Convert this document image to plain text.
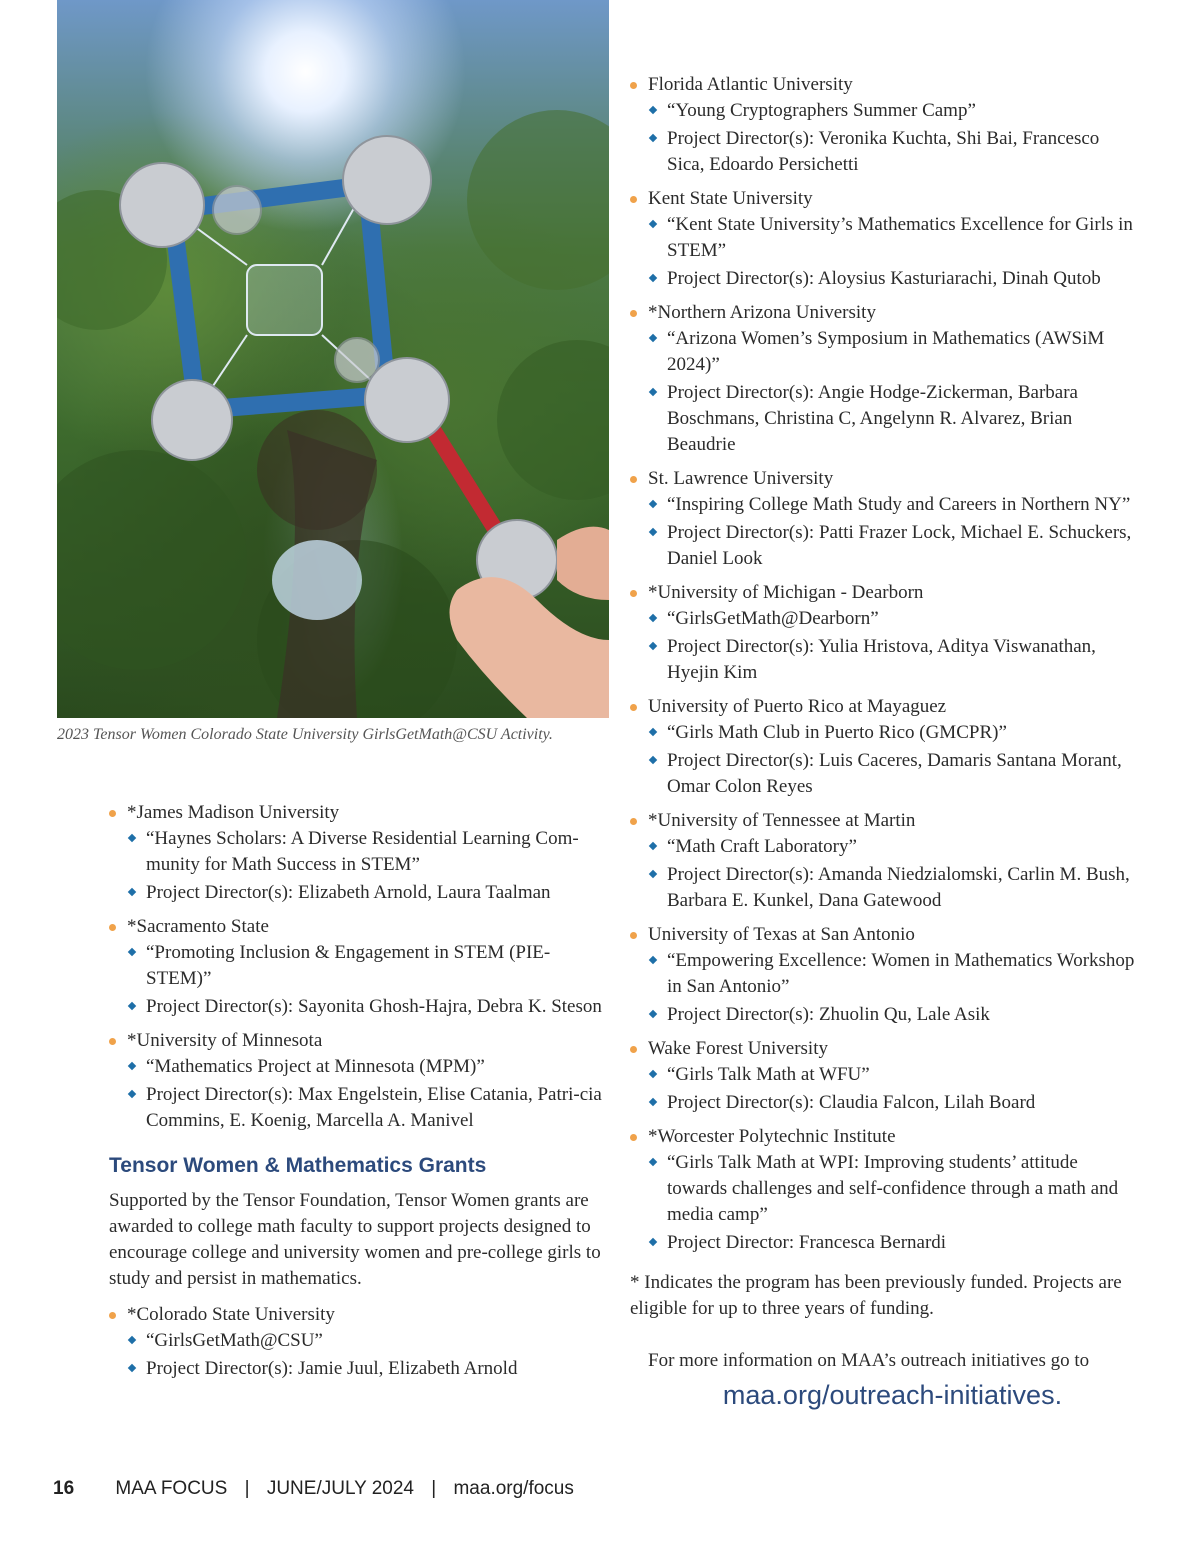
2023 Tensor Women Colorado State University GirlsGetMath@CSU Activity.

*James Madison University
“Haynes Scholars: A Diverse Residential Learning Com-munity for Math Success in STEM”
Project Director(s): Elizabeth Arnold, Laura Taalman
*Sacramento State
“Promoting Inclusion & Engagement in STEM (PIE-STEM)”
Project Director(s): Sayonita Ghosh-Hajra, Debra K. Steson
*University of Minnesota
“Mathematics Project at Minnesota (MPM)”
Project Director(s): Max Engelstein, Elise Catania, Patri-cia Commins, E. Koenig, Marcella A. Manivel
Tensor Women & Mathematics Grants

Supported by the Tensor Foundation, Tensor Women grants are awarded to college math faculty to support projects designed to encourage college and university women and pre-college girls to study and persist in mathematics.

*Colorado State University
“GirlsGetMath@CSU”
Project Director(s): Jamie Juul, Elizabeth Arnold
Florida Atlantic University
“Young Cryptographers Summer Camp”
Project Director(s): Veronika Kuchta, Shi Bai, Francesco Sica, Edoardo Persichetti
Kent State University
“Kent State University’s Mathematics Excellence for Girls in STEM”
Project Director(s): Aloysius Kasturiarachi, Dinah Qutob
*Northern Arizona University
“Arizona Women’s Symposium in Mathematics (AWSiM 2024)”
Project Director(s): Angie Hodge-Zickerman, Barbara Boschmans, Christina C, Angelynn R. Alvarez, Brian Beaudrie
St. Lawrence University
“Inspiring College Math Study and Careers in Northern NY”
Project Director(s): Patti Frazer Lock, Michael E. Schuckers, Daniel Look
*University of Michigan - Dearborn
“GirlsGetMath@Dearborn”
Project Director(s): Yulia Hristova, Aditya Viswanathan, Hyejin Kim
University of Puerto Rico at Mayaguez
“Girls Math Club in Puerto Rico (GMCPR)”
Project Director(s): Luis Caceres, Damaris Santana Morant, Omar Colon Reyes
*University of Tennessee at Martin
“Math Craft Laboratory”
Project Director(s): Amanda Niedzialomski, Carlin M. Bush, Barbara E. Kunkel, Dana Gatewood
University of Texas at San Antonio
“Empowering Excellence: Women in Mathematics Workshop in San Antonio”
Project Director(s): Zhuolin Qu, Lale Asik
Wake Forest University
“Girls Talk Math at WFU”
Project Director(s): Claudia Falcon, Lilah Board
*Worcester Polytechnic Institute
“Girls Talk Math at WPI: Improving students’ attitude towards challenges and self-confidence through a math and media camp”
Project Director: Francesca Bernardi

* Indicates the program has been previously funded. Projects are eligible for up to three years of funding.

For more information on MAA’s outreach initiatives go to

maa.org/outreach-initiatives.
16 MAA FOCUS | JUNE/JULY 2024 | maa.org/focus
